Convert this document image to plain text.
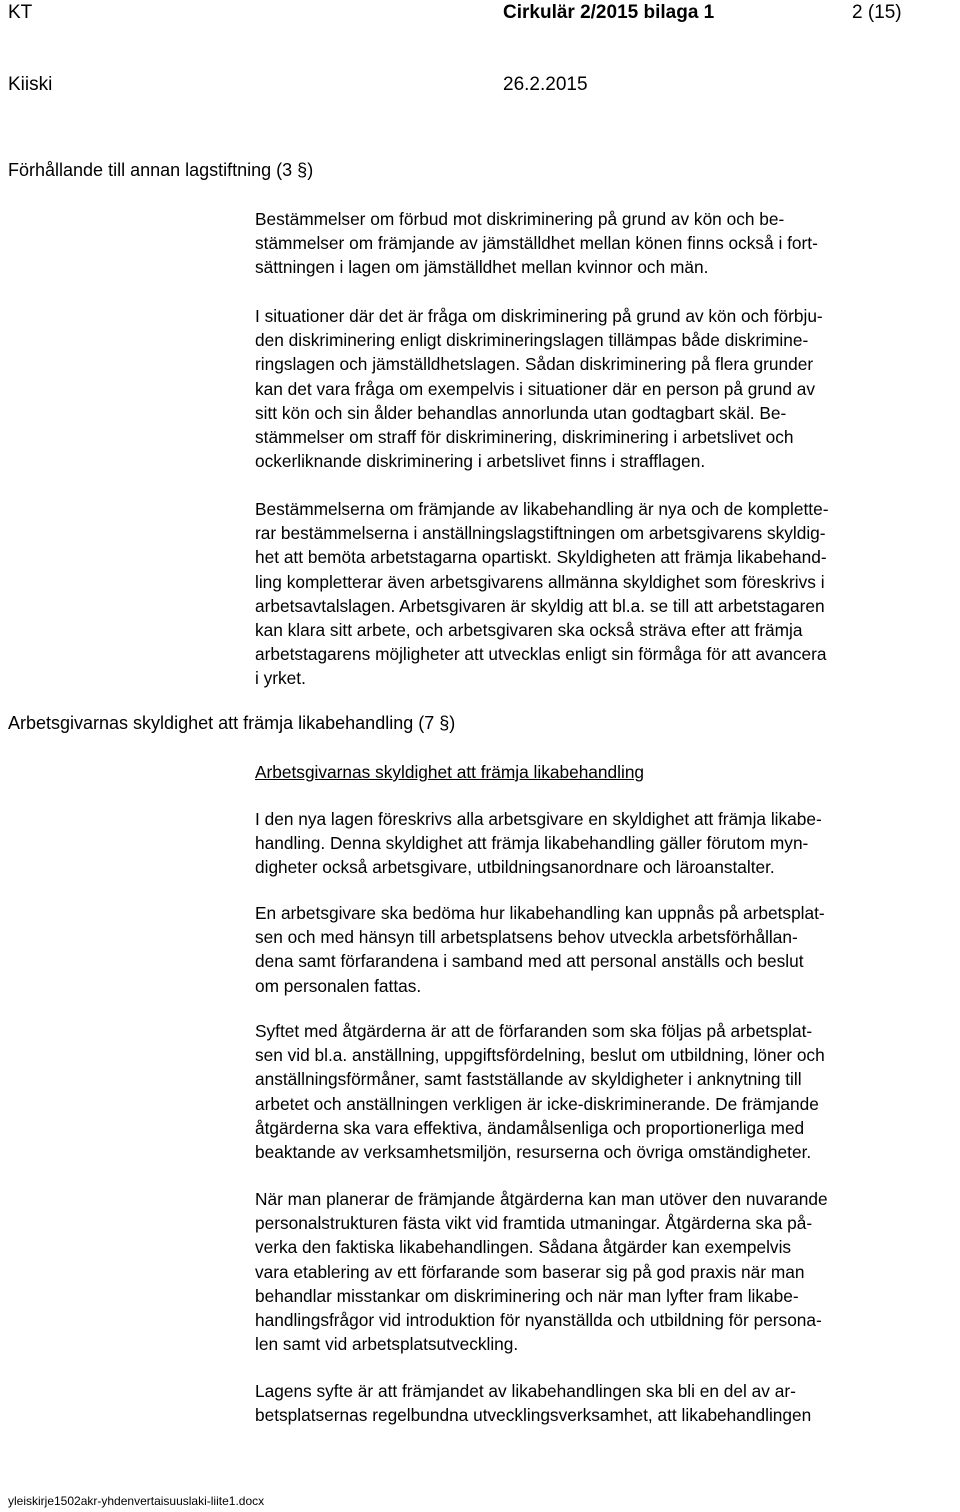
KT	Cirkulär 2/2015 bilaga 1	2 (15)
Kiiski	26.2.2015
Förhållande till annan lagstiftning (3 §)

Bestämmelser om förbud mot diskriminering på grund av kön och be-
stämmelser om främjande av jämställdhet mellan könen finns också i fort-
sättningen i lagen om jämställdhet mellan kvinnor och män.

I situationer där det är fråga om diskriminering på grund av kön och förbju-
den diskriminering enligt diskrimineringslagen tillämpas både diskrimine-
ringslagen och jämställdhetslagen. Sådan diskriminering på flera grunder
kan det vara fråga om exempelvis i situationer där en person på grund av
sitt kön och sin ålder behandlas annorlunda utan godtagbart skäl. Be-
stämmelser om straff för diskriminering, diskriminering i arbetslivet och
ockerliknande diskriminering i arbetslivet finns i strafflagen.

Bestämmelserna om främjande av likabehandling är nya och de komplette-
rar bestämmelserna i anställningslagstiftningen om arbetsgivarens skyldig-
het att bemöta arbetstagarna opartiskt. Skyldigheten att främja likabehand-
ling kompletterar även arbetsgivarens allmänna skyldighet som föreskrivs i
arbetsavtalslagen. Arbetsgivaren är skyldig att bl.a. se till att arbetstagaren
kan klara sitt arbete, och arbetsgivaren ska också sträva efter att främja
arbetstagarens möjligheter att utvecklas enligt sin förmåga för att avancera
i yrket.

Arbetsgivarnas skyldighet att främja likabehandling (7 §)
Arbetsgivarnas skyldighet att främja likabehandling

I den nya lagen föreskrivs alla arbetsgivare en skyldighet att främja likabe-
handling. Denna skyldighet att främja likabehandling gäller förutom myn-
digheter också arbetsgivare, utbildningsanordnare och läroanstalter.

En arbetsgivare ska bedöma hur likabehandling kan uppnås på arbetsplat-
sen och med hänsyn till arbetsplatsens behov utveckla arbetsförhållan-
dena samt förfarandena i samband med att personal anställs och beslut
om personalen fattas.

Syftet med åtgärderna är att de förfaranden som ska följas på arbetsplat-
sen vid bl.a. anställning, uppgiftsfördelning, beslut om utbildning, löner och
anställningsförmåner, samt fastställande av skyldigheter i anknytning till
arbetet och anställningen verkligen är icke-diskriminerande. De främjande
åtgärderna ska vara effektiva, ändamålsenliga och proportionerliga med
beaktande av verksamhetsmiljön, resurserna och övriga omständigheter.

När man planerar de främjande åtgärderna kan man utöver den nuvarande
personalstrukturen fästa vikt vid framtida utmaningar. Åtgärderna ska på-
verka den faktiska likabehandlingen. Sådana åtgärder kan exempelvis
vara etablering av ett förfarande som baserar sig på god praxis när man
behandlar misstankar om diskriminering och när man lyfter fram likabe-
handlingsfrågor vid introduktion för nyanställda och utbildning för persona-
len samt vid arbetsplatsutveckling.

Lagens syfte är att främjandet av likabehandlingen ska bli en del av ar-
betsplatsernas regelbundna utvecklingsverksamhet, att likabehandlingen

yleiskirje1502akr-yhdenvertaisuuslaki-liite1.docx
